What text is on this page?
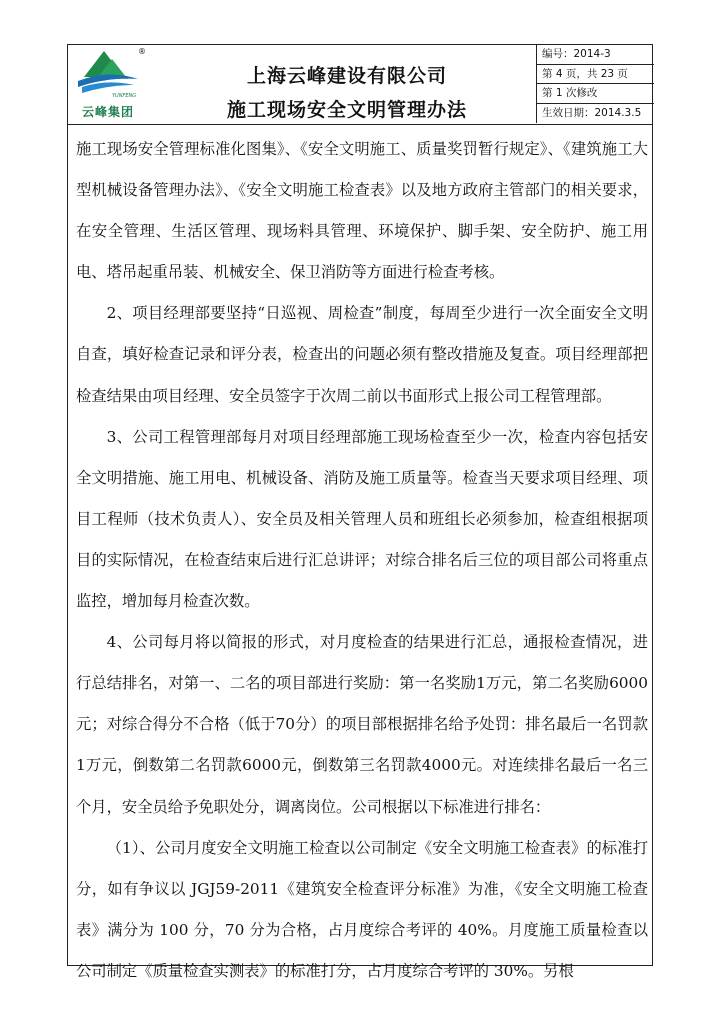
®
YUNFENG
云峰集团
上海云峰建设有限公司
施工现场安全文明管理办法
编号：2014-3
第 4 页，共 23 页
第 1 次修改
生效日期：2014.3.5

施工现场安全管理标准化图集》、《安全文明施工、质量奖罚暂行规定》、《建筑施工大型机械设备管理办法》、《安全文明施工检查表》以及地方政府主管部门的相关要求，在安全管理、生活区管理、现场料具管理、环境保护、脚手架、安全防护、施工用电、塔吊起重吊装、机械安全、保卫消防等方面进行检查考核。

2、项目经理部要坚持“日巡视、周检查”制度，每周至少进行一次全面安全文明自查，填好检查记录和评分表，检查出的问题必须有整改措施及复查。项目经理部把检查结果由项目经理、安全员签字于次周二前以书面形式上报公司工程管理部。

3、公司工程管理部每月对项目经理部施工现场检查至少一次，检查内容包括安全文明措施、施工用电、机械设备、消防及施工质量等。检查当天要求项目经理、项目工程师（技术负责人）、安全员及相关管理人员和班组长必须参加，检查组根据项目的实际情况，在检查结束后进行汇总讲评；对综合排名后三位的项目部公司将重点监控，增加每月检查次数。

4、公司每月将以简报的形式，对月度检查的结果进行汇总，通报检查情况，进行总结排名，对第一、二名的项目部进行奖励：第一名奖励1万元，第二名奖励6000元；对综合得分不合格（低于70分）的项目部根据排名给予处罚：排名最后一名罚款1万元，倒数第二名罚款6000元，倒数第三名罚款4000元。对连续排名最后一名三个月，安全员给予免职处分，调离岗位。公司根据以下标准进行排名：

（1）、公司月度安全文明施工检查以公司制定《安全文明施工检查表》的标准打分，如有争议以 JGJ59-2011《建筑安全检查评分标准》为准，《安全文明施工检查表》满分为 100 分，70 分为合格，占月度综合考评的 40%。月度施工质量检查以公司制定《质量检查实测表》的标准打分，占月度综合考评的 30%。另根
